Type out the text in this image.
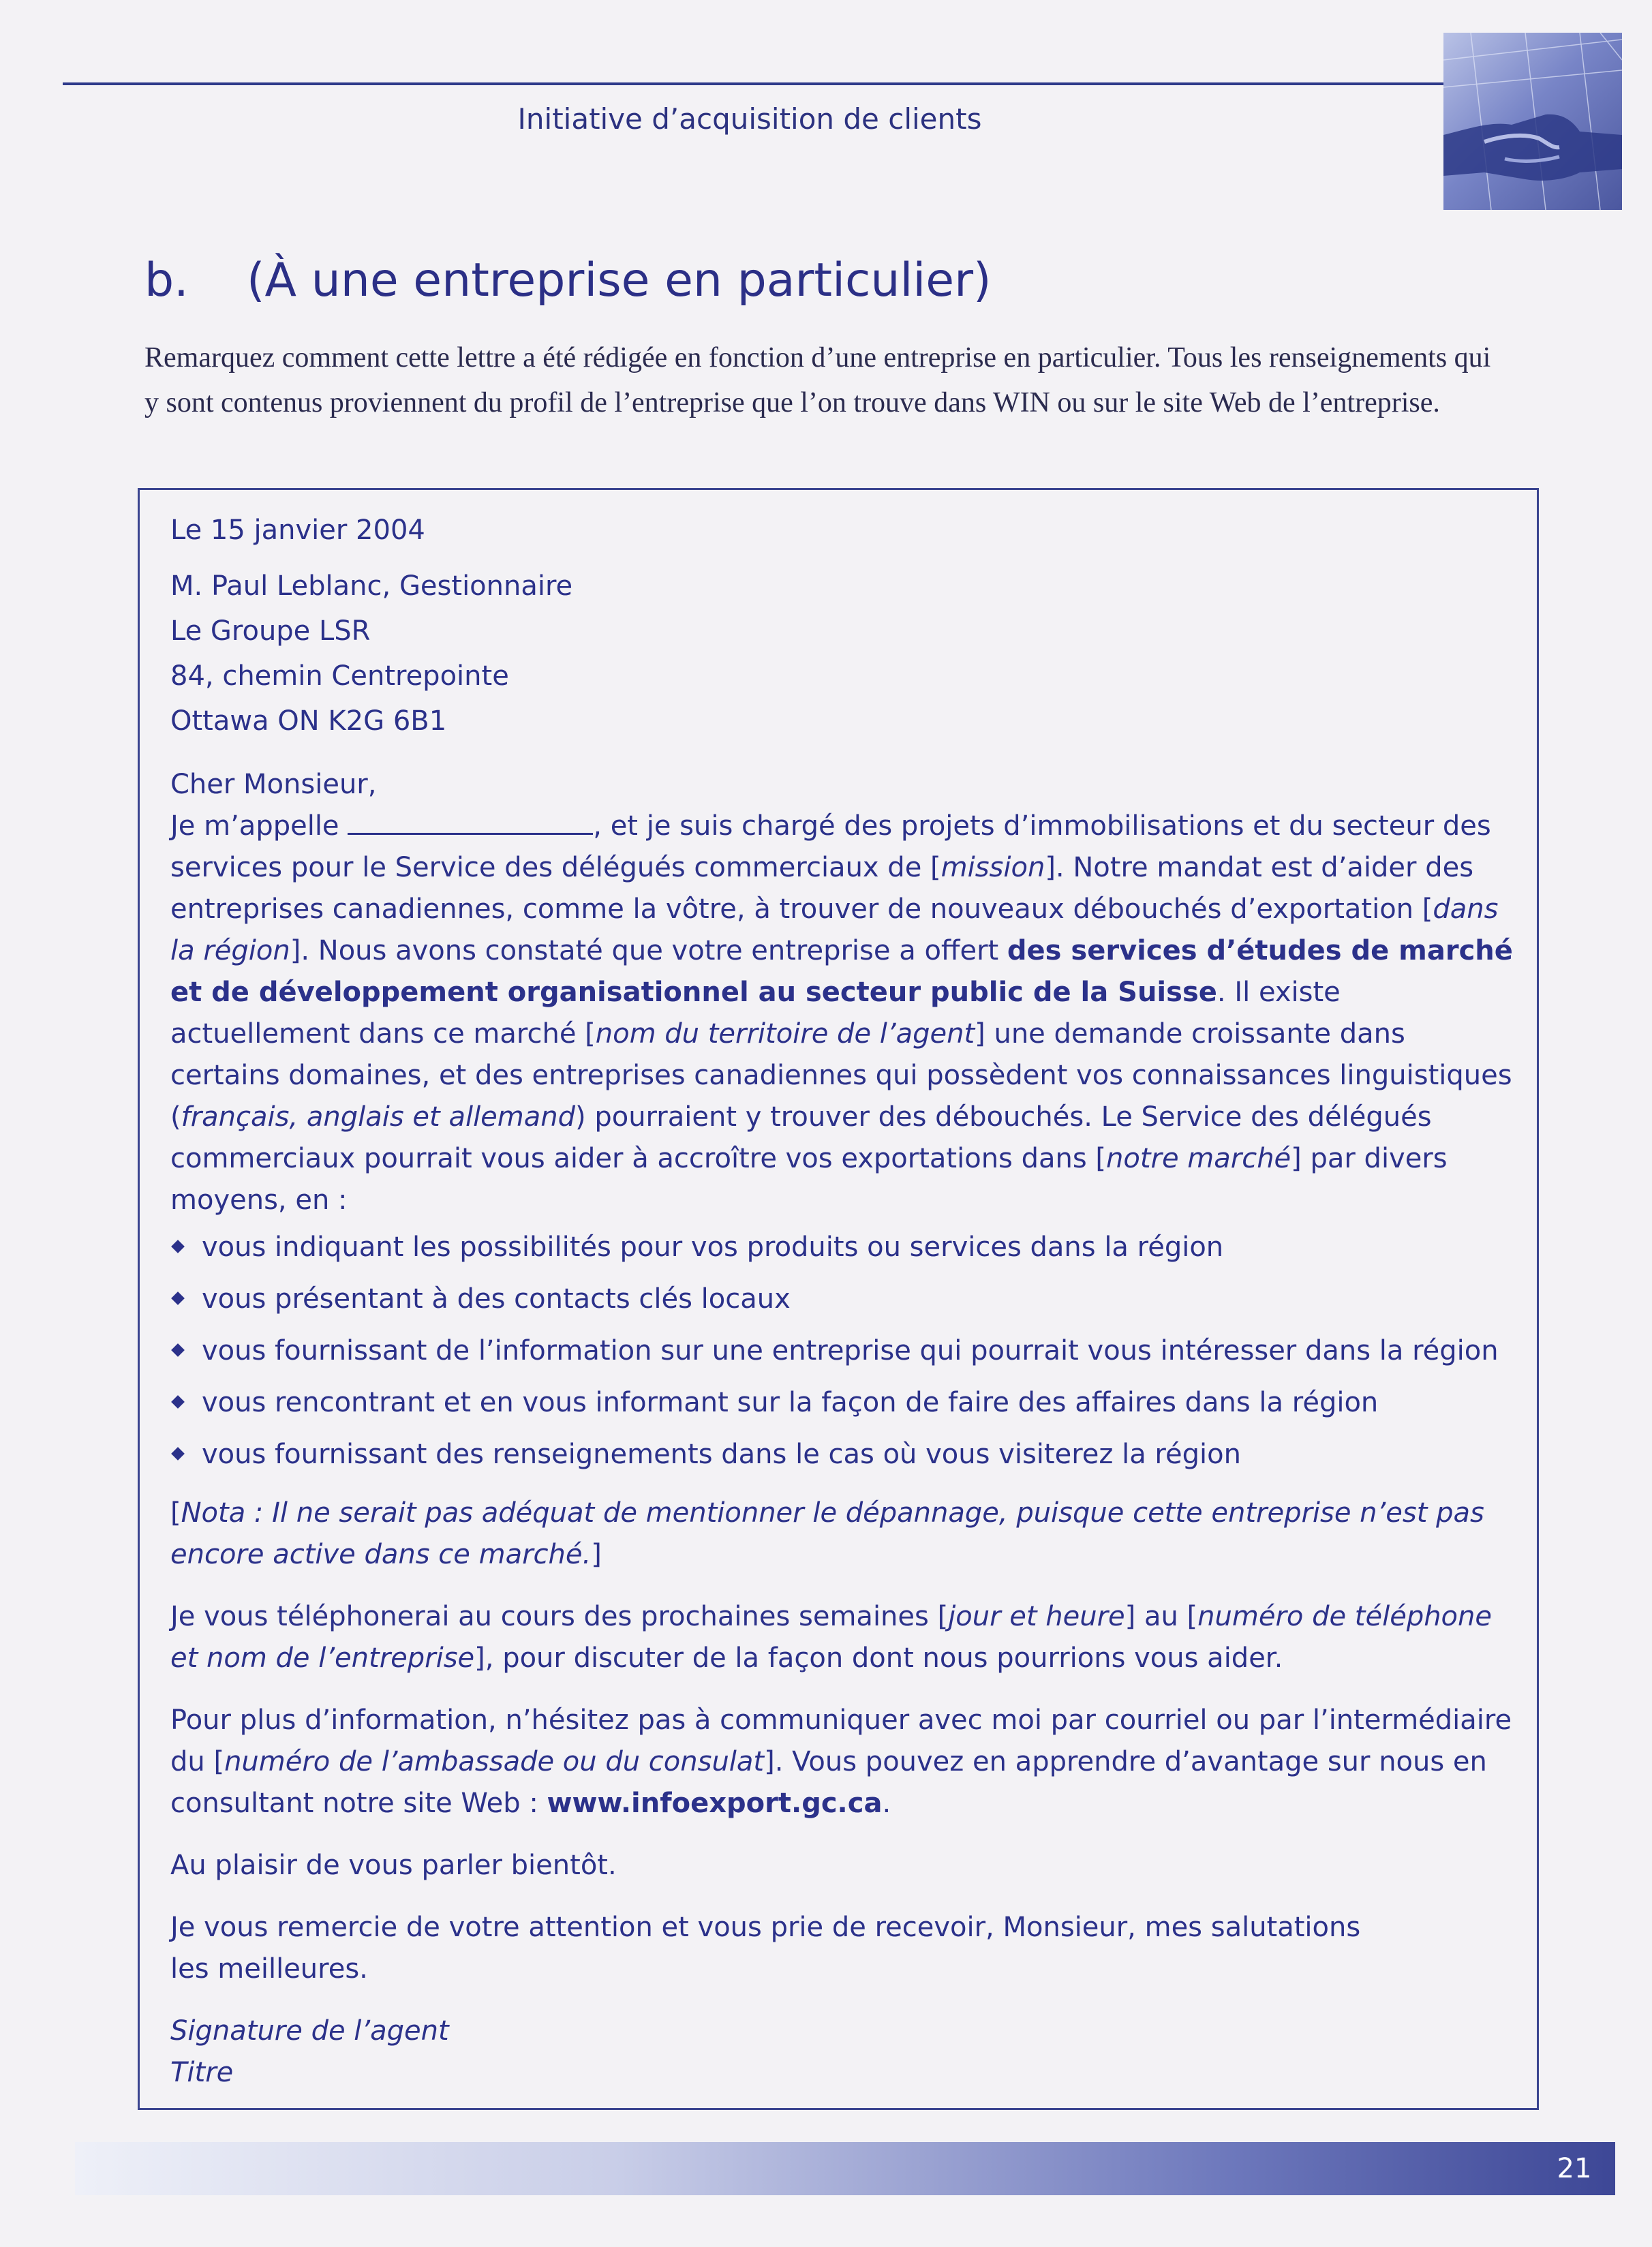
Initiative d’acquisition de clients
b. (À une entreprise en particulier)
Remarquez comment cette lettre a été rédigée en fonction d’une entreprise en particulier. Tous les renseignements qui y sont contenus proviennent du profil de l’entreprise que l’on trouve dans WIN ou sur le site Web de l’entreprise.

Le 15 janvier 2004

M. Paul Leblanc, Gestionnaire

Le Groupe LSR

84, chemin Centrepointe

Ottawa ON K2G 6B1

Cher Monsieur,

Je m’appelle	, et je suis chargé des projets d’immobilisations et du secteur des services pour le Service des délégués commerciaux de [mission]. Notre mandat est d’aider des entreprises canadiennes, comme la vôtre, à trouver de nouveaux débouchés d’exportation [dans la région]. Nous avons constaté que votre entreprise a offert des services d’études de marché et de développement organisationnel au secteur public de la Suisse. Il existe actuellement dans ce marché [nom du territoire de l’agent] une demande croissante dans certains domaines, et des entreprises canadiennes qui possèdent vos connaissances linguistiques (français, anglais et allemand) pourraient y trouver des débouchés. Le Service des délégués commerciaux pourrait vous aider à accroître vos exportations dans [notre marché] par divers moyens, en :

vous indiquant les possibilités pour vos produits ou services dans la région
vous présentant à des contacts clés locaux
vous fournissant de l’information sur une entreprise qui pourrait vous intéresser dans la région
vous rencontrant et en vous informant sur la façon de faire des affaires dans la région
vous fournissant des renseignements dans le cas où vous visiterez la région

[Nota : Il ne serait pas adéquat de mentionner le dépannage, puisque cette entreprise n’est pas encore active dans ce marché.]

Je vous téléphonerai au cours des prochaines semaines [jour et heure] au [numéro de téléphone et nom de l’entreprise], pour discuter de la façon dont nous pourrions vous aider.

Pour plus d’information, n’hésitez pas à communiquer avec moi par courriel ou par l’intermédiaire du [numéro de l’ambassade ou du consulat]. Vous pouvez en apprendre d’avantage sur nous en consultant notre site Web : www.infoexport.gc.ca.

Au plaisir de vous parler bientôt.

Je vous remercie de votre attention et vous prie de recevoir, Monsieur, mes salutations les meilleures.

Signature de l’agent

Titre

21
